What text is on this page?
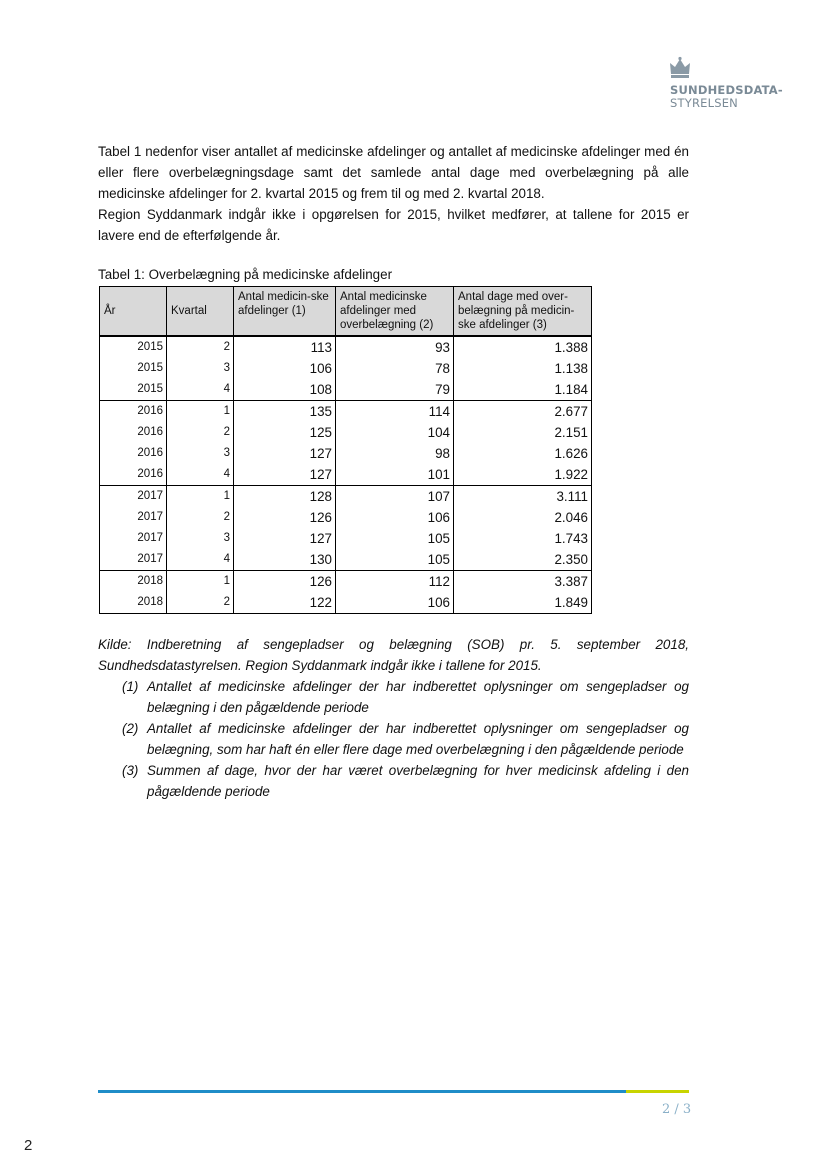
SUNDHEDSDATA-
STYRELSEN

Tabel 1 nedenfor viser antallet af medicinske afdelinger og antallet af medicinske afdelinger med én eller flere overbelægningsdage samt det samlede antal dage med overbelægning på alle medicinske afdelinger for 2. kvartal 2015 og frem til og med 2. kvartal 2018.

Region Syddanmark indgår ikke i opgørelsen for 2015, hvilket medfører, at tallene for 2015 er lavere end de efterfølgende år.

Tabel 1: Overbelægning på medicinske afdelinger
År	Kvartal	Antal medicin-ske afdelinger (1)	Antal medicinske afdelinger med overbelægning (2)	Antal dage med over-belægning på medicin-ske afdelinger (3)
2015	2	113	93	1.388
2015	3	106	78	1.138
2015	4	108	79	1.184
2016	1	135	114	2.677
2016	2	125	104	2.151
2016	3	127	98	1.626
2016	4	127	101	1.922
2017	1	128	107	3.111
2017	2	126	106	2.046
2017	3	127	105	1.743
2017	4	130	105	2.350
2018	1	126	112	3.387
2018	2	122	106	1.849

Kilde: Indberetning af sengepladser og belægning (SOB) pr. 5. september 2018, Sundhedsdatastyrelsen. Region Syddanmark indgår ikke i tallene for 2015.

(1) Antallet af medicinske afdelinger der har indberettet oplysninger om sengepladser og belægning i den pågældende periode
(2) Antallet af medicinske afdelinger der har indberettet oplysninger om sengepladser og belægning, som har haft én eller flere dage med overbelægning i den pågældende periode
(3) Summen af dage, hvor der har været overbelægning for hver medicinsk afdeling i den pågældende periode
2 / 3
2
